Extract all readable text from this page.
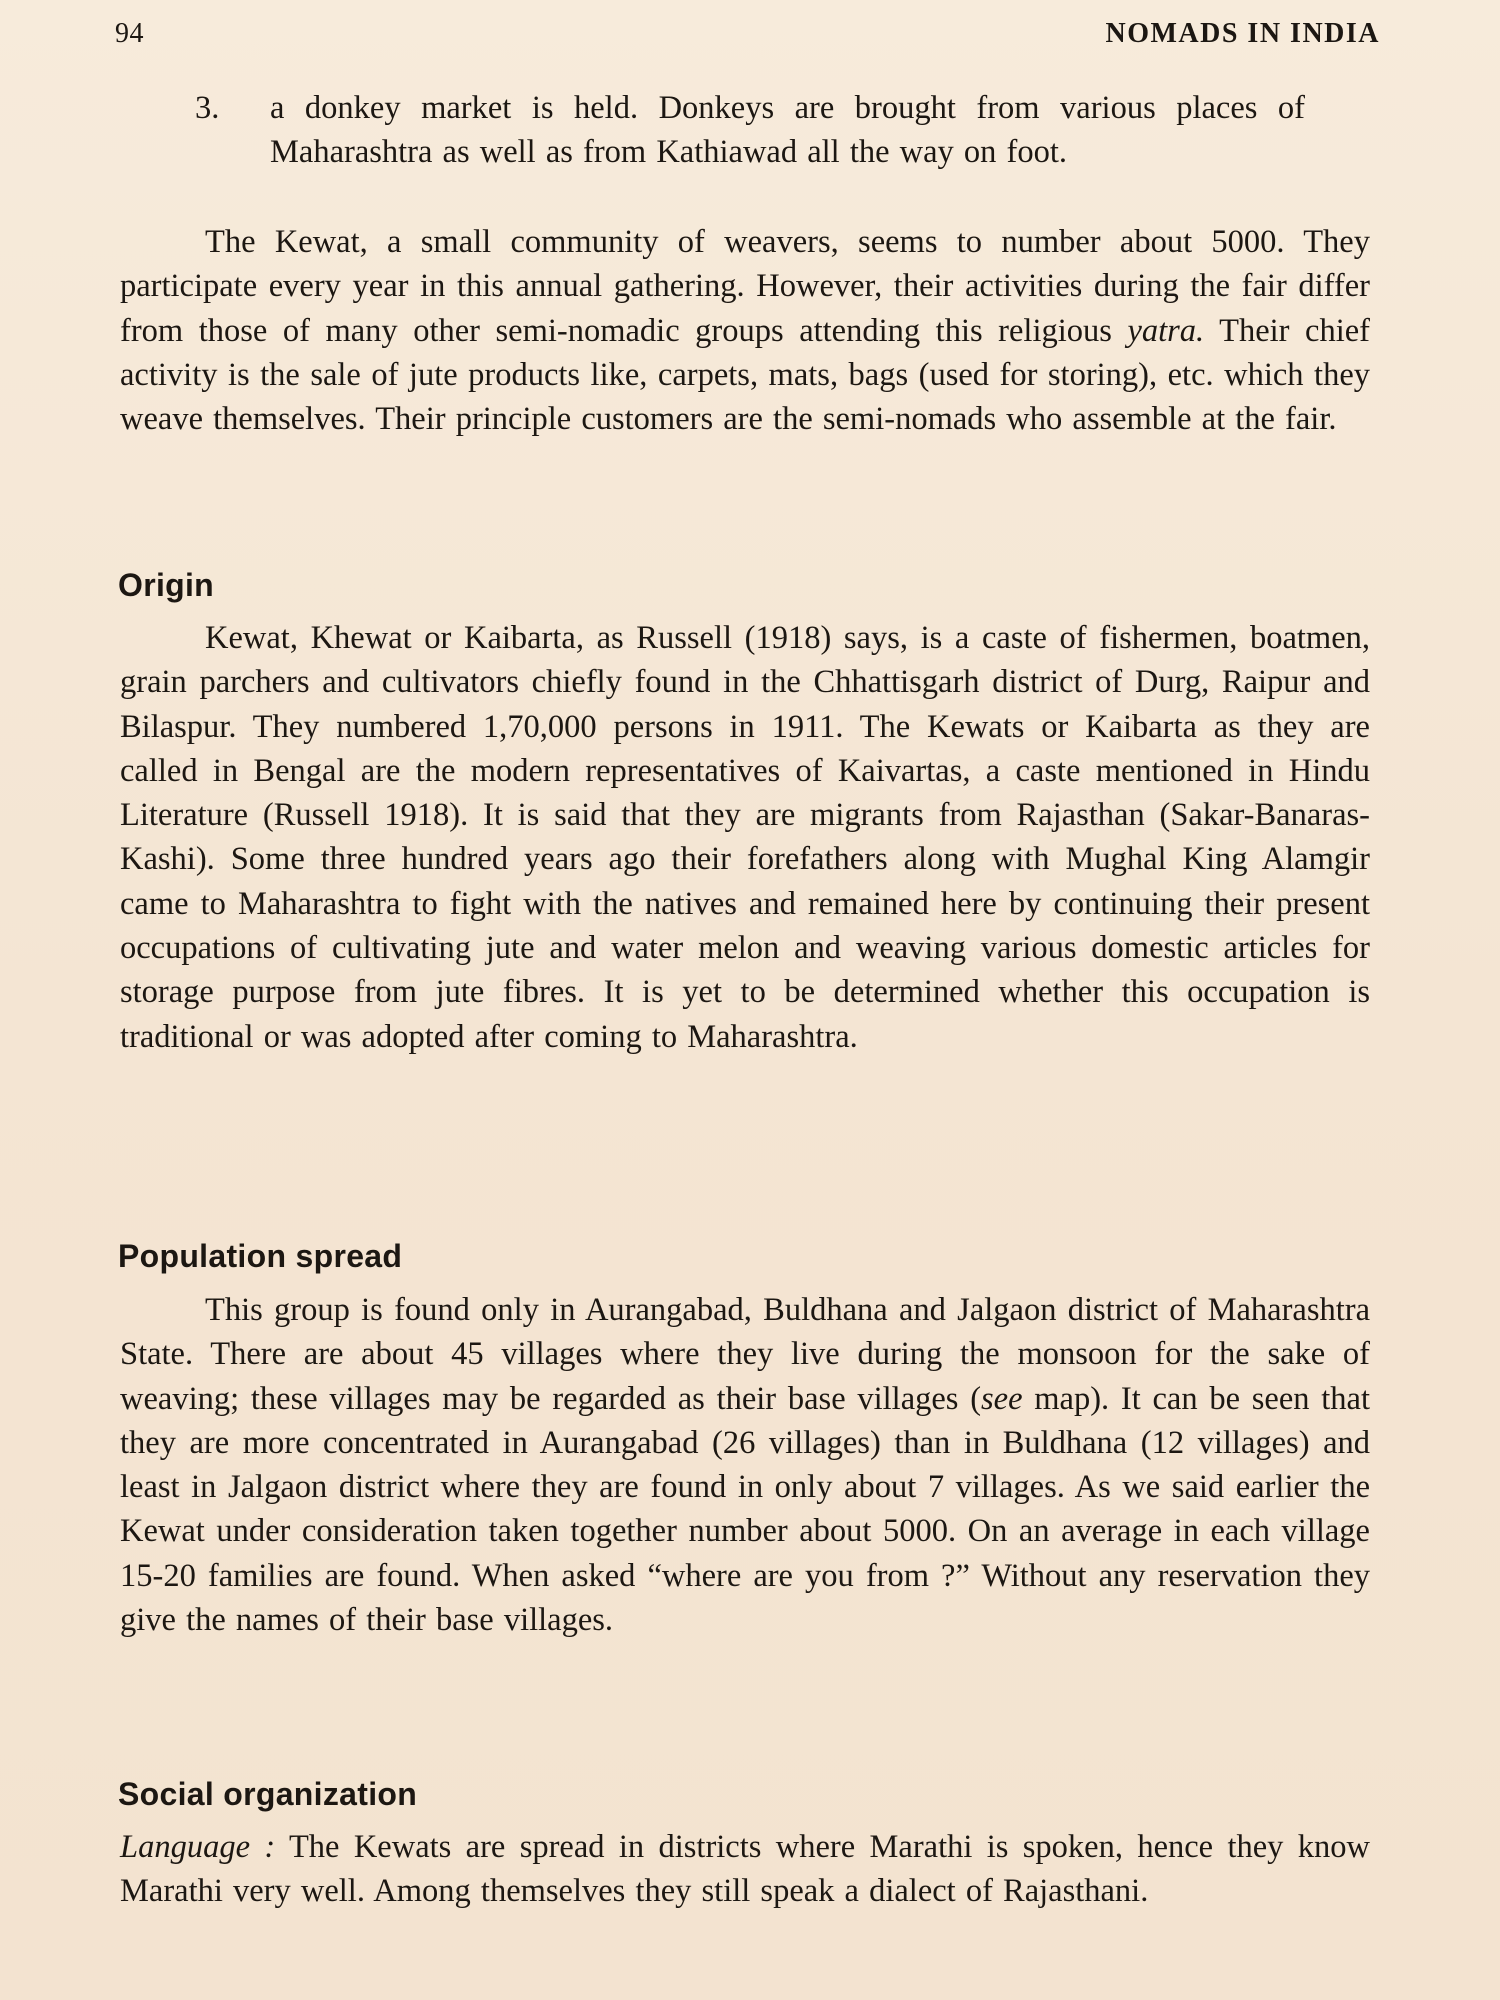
94	NOMADS IN INDIA
3. a donkey market is held. Donkeys are brought from various places of Maharashtra as well as from Kathiawad all the way on foot.

The Kewat, a small community of weavers, seems to number about 5000. They participate every year in this annual gathering. However, their activities during the fair differ from those of many other semi-nomadic groups attending this religious yatra. Their chief activity is the sale of jute products like, carpets, mats, bags (used for storing), etc. which they weave themselves. Their principle customers are the semi-nomads who assemble at the fair.

Origin

Kewat, Khewat or Kaibarta, as Russell (1918) says, is a caste of fishermen, boatmen, grain parchers and cultivators chiefly found in the Chhattisgarh district of Durg, Raipur and Bilaspur. They numbered 1,70,000 persons in 1911. The Kewats or Kaibarta as they are called in Bengal are the modern representatives of Kaivartas, a caste mentioned in Hindu Literature (Russell 1918). It is said that they are migrants from Rajasthan (Sakar-Banaras-Kashi). Some three hundred years ago their forefathers along with Mughal King Alamgir came to Maharashtra to fight with the natives and remained here by continuing their present occupations of cultivating jute and water melon and weaving various domestic articles for storage purpose from jute fibres. It is yet to be determined whether this occupation is traditional or was adopted after coming to Maharashtra.

Population spread

This group is found only in Aurangabad, Buldhana and Jalgaon district of Maharashtra State. There are about 45 villages where they live during the monsoon for the sake of weaving; these villages may be regarded as their base villages (see map). It can be seen that they are more concentrated in Aurangabad (26 villages) than in Buldhana (12 villages) and least in Jalgaon district where they are found in only about 7 villages. As we said earlier the Kewat under consideration taken together number about 5000. On an average in each village 15-20 families are found. When asked “where are you from ?” Without any reservation they give the names of their base villages.

Social organization

Language : The Kewats are spread in districts where Marathi is spoken, hence they know Marathi very well. Among themselves they still speak a dialect of Rajasthani.
